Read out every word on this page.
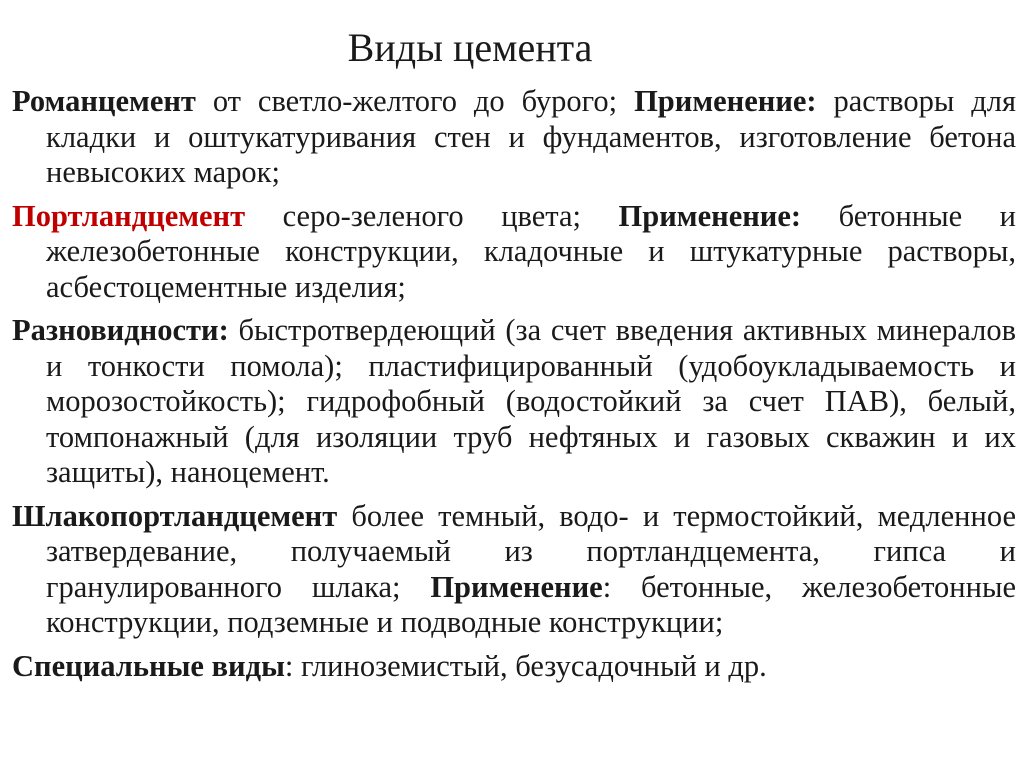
Виды цемента

Романцемент от светло-желтого до бурого; Применение: растворы для кладки и оштукатуривания стен и фундаментов, изготовление бетона невысоких марок;

Портландцемент серо-зеленого цвета; Применение: бетонные и железобетонные конструкции, кладочные и штукатурные растворы, асбестоцементные изделия;

Разновидности: быстротвердеющий (за счет введения активных минералов и тонкости помола); пластифицированный (удобоукладываемость и морозостойкость); гидрофобный (водостойкий за счет ПАВ), белый, томпонажный (для изоляции труб нефтяных и газовых скважин и их защиты), наноцемент.

Шлакопортландцемент более темный, водо- и термостойкий, медленное затвердевание, получаемый из портландцемента, гипса и гранулированного шлака; Применение: бетонные, железобетонные конструкции, подземные и подводные конструкции;

Специальные виды: глиноземистый, безусадочный и др.
